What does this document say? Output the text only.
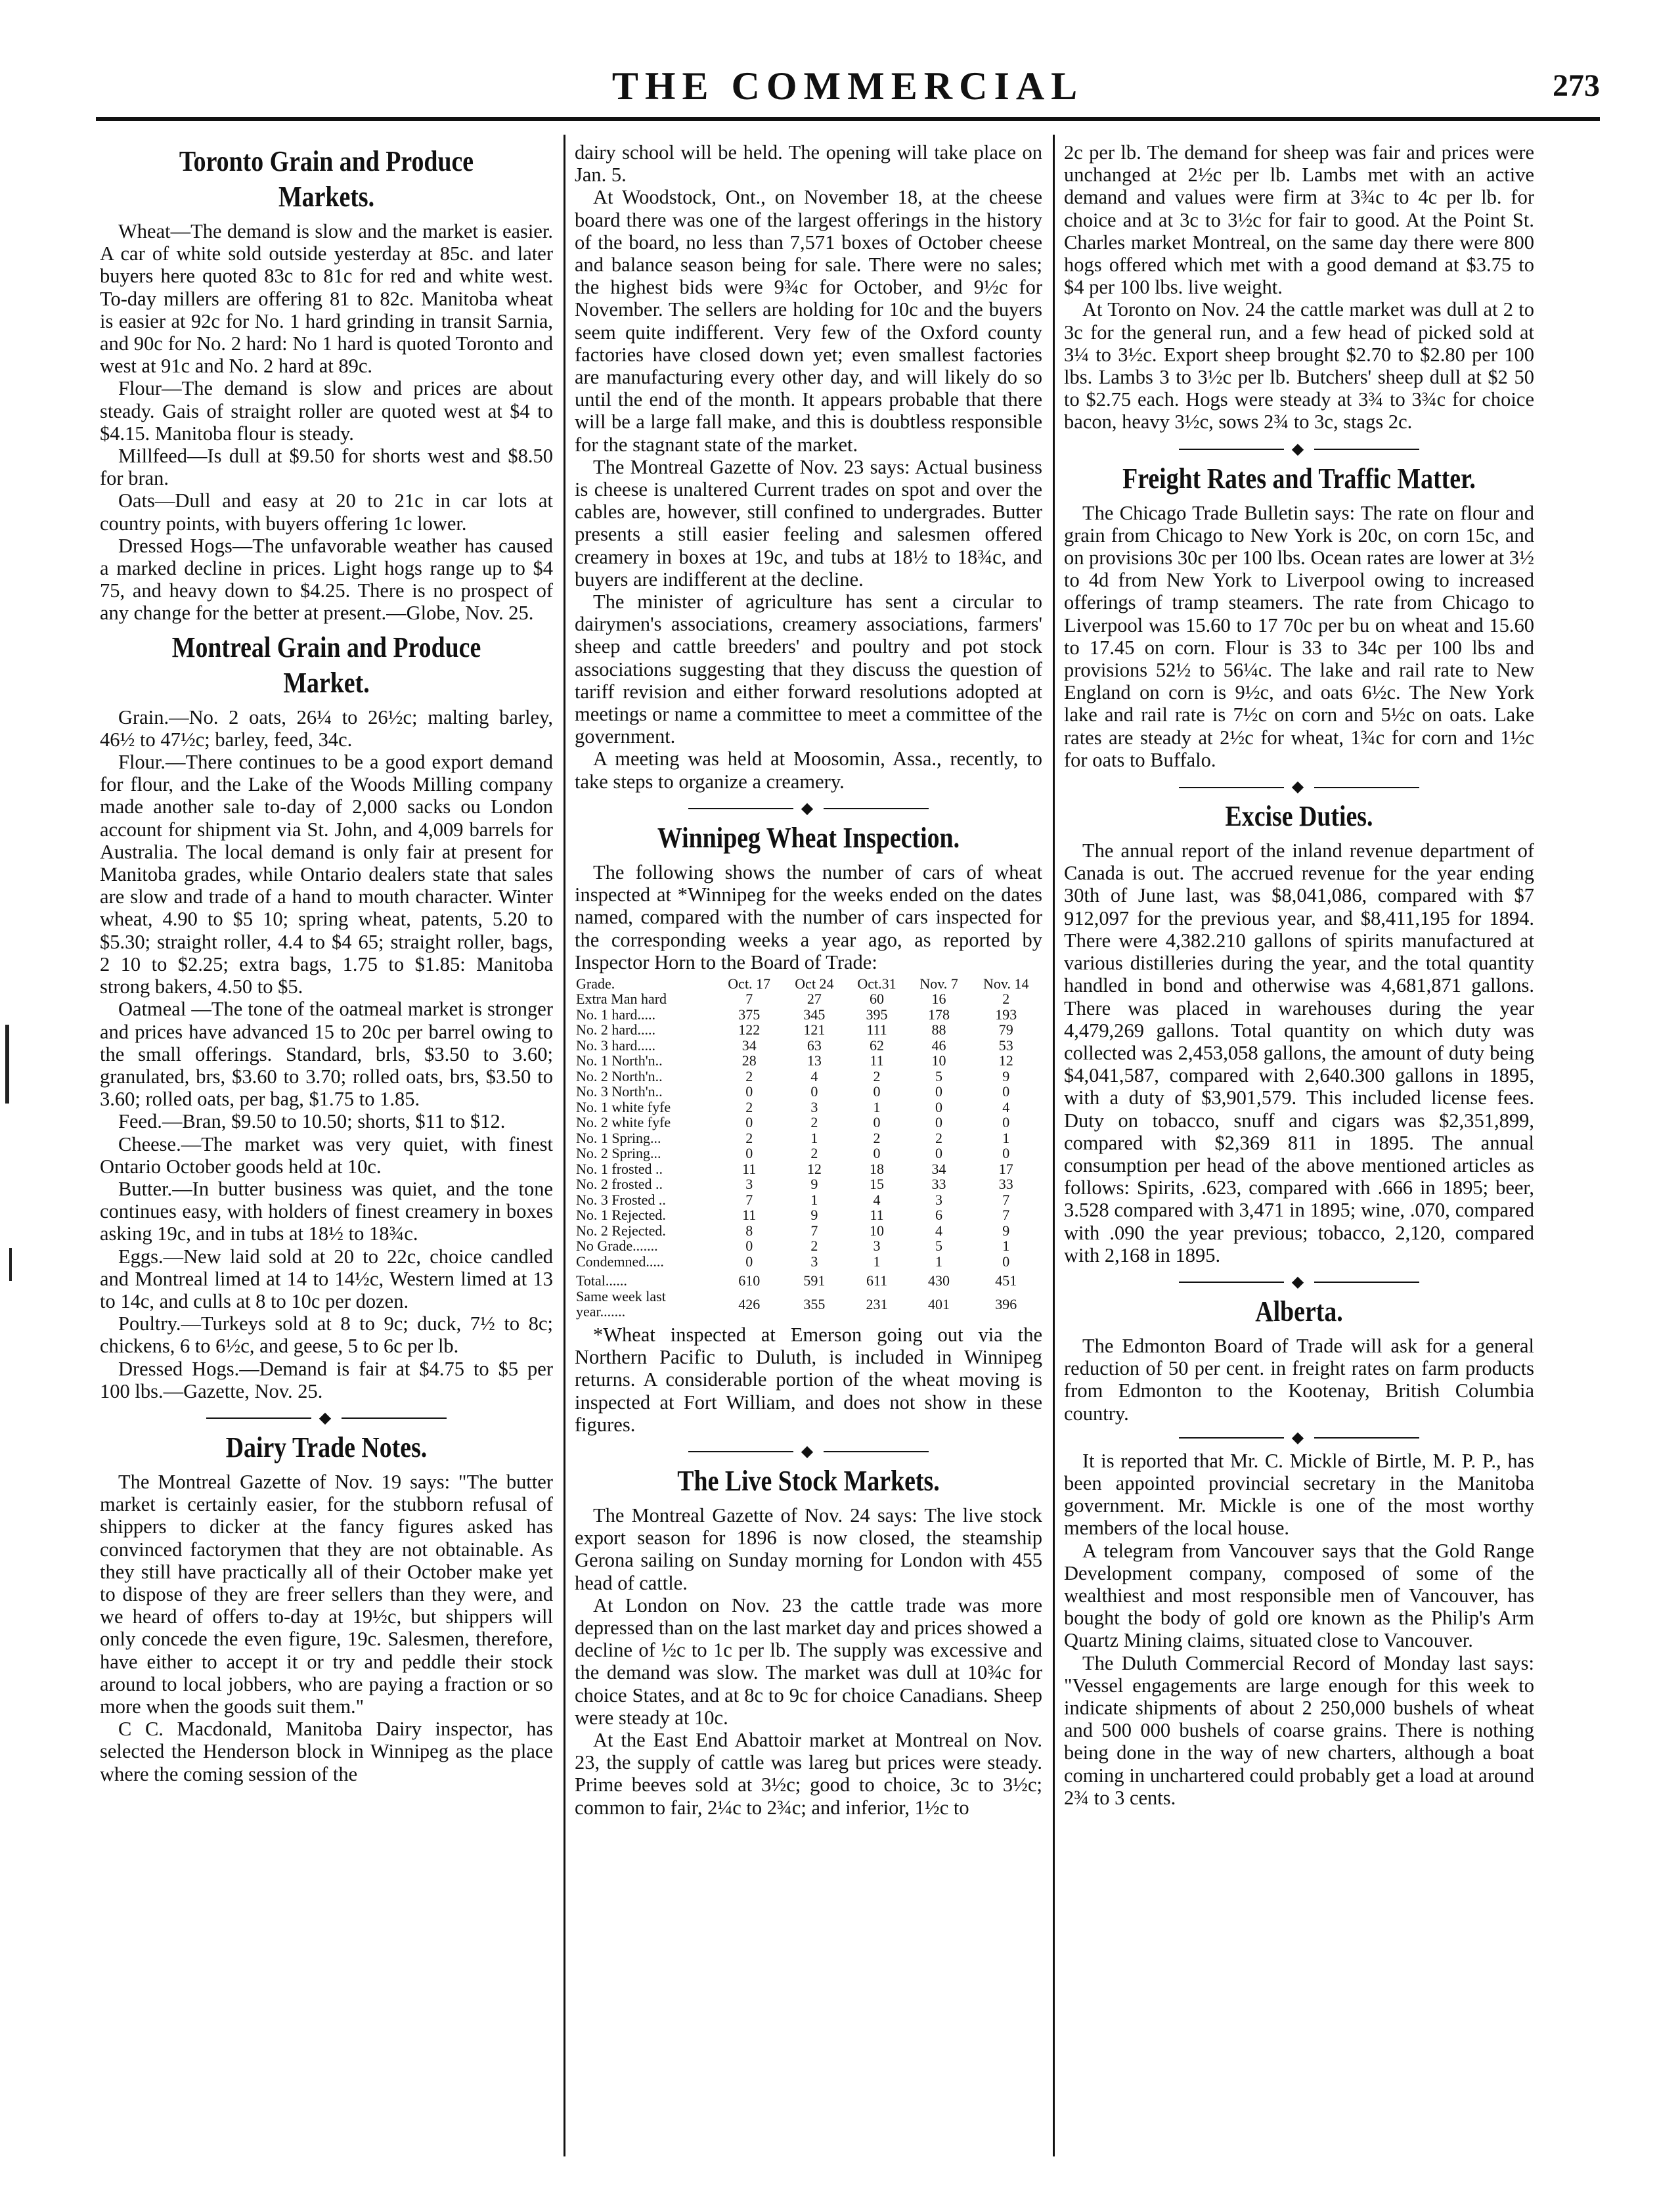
THE COMMERCIAL	273
Toronto Grain and Produce Markets.

Wheat—The demand is slow and the market is easier. A car of white sold outside yesterday at 85c. and later buyers here quoted 83c to 81c for red and white west. To-day millers are offering 81 to 82c. Manitoba wheat is easier at 92c for No. 1 hard grinding in transit Sarnia, and 90c for No. 2 hard: No 1 hard is quoted Toronto and west at 91c and No. 2 hard at 89c.

Flour—The demand is slow and prices are about steady. Gais of straight roller are quoted west at $4 to $4.15. Manitoba flour is steady.

Millfeed—Is dull at $9.50 for shorts west and $8.50 for bran.

Oats—Dull and easy at 20 to 21c in car lots at country points, with buyers offering 1c lower.

Dressed Hogs—The unfavorable weather has caused a marked decline in prices. Light hogs range up to $4 75, and heavy down to $4.25. There is no prospect of any change for the better at present.—Globe, Nov. 25.

Montreal Grain and Produce Market.

Grain.—No. 2 oats, 26¼ to 26½c; malting barley, 46½ to 47½c; barley, feed, 34c.

Flour.—There continues to be a good export demand for flour, and the Lake of the Woods Milling company made another sale to-day of 2,000 sacks ou London account for shipment via St. John, and 4,009 barrels for Australia. The local demand is only fair at present for Manitoba grades, while Ontario dealers state that sales are slow and trade of a hand to mouth character. Winter wheat, 4.90 to $5 10; spring wheat, patents, 5.20 to $5.30; straight roller, 4.4 to $4 65; straight roller, bags, 2 10 to $2.25; extra bags, 1.75 to $1.85: Manitoba strong bakers, 4.50 to $5.

Oatmeal —The tone of the oatmeal market is stronger and prices have advanced 15 to 20c per barrel owing to the small offerings. Standard, brls, $3.50 to 3.60; granulated, brs, $3.60 to 3.70; rolled oats, brs, $3.50 to 3.60; rolled oats, per bag, $1.75 to 1.85.

Feed.—Bran, $9.50 to 10.50; shorts, $11 to $12.

Cheese.—The market was very quiet, with finest Ontario October goods held at 10c.

Butter.—In butter business was quiet, and the tone continues easy, with holders of finest creamery in boxes asking 19c, and in tubs at 18½ to 18¾c.

Eggs.—New laid sold at 20 to 22c, choice candled and Montreal limed at 14 to 14½c, Western limed at 13 to 14c, and culls at 8 to 10c per dozen.

Poultry.—Turkeys sold at 8 to 9c; duck, 7½ to 8c; chickens, 6 to 6½c, and geese, 5 to 6c per lb.

Dressed Hogs.—Demand is fair at $4.75 to $5 per 100 lbs.—Gazette, Nov. 25.

◆
Dairy Trade Notes.

The Montreal Gazette of Nov. 19 says: "The butter market is certainly easier, for the stubborn refusal of shippers to dicker at the fancy figures asked has convinced factorymen that they are not obtainable. As they still have practically all of their October make yet to dispose of they are freer sellers than they were, and we heard of offers to-day at 19½c, but shippers will only concede the even figure, 19c. Salesmen, therefore, have either to accept it or try and peddle their stock around to local jobbers, who are paying a fraction or so more when the goods suit them."

C C. Macdonald, Manitoba Dairy inspector, has selected the Henderson block in Winnipeg as the place where the coming session of the

dairy school will be held. The opening will take place on Jan. 5.

At Woodstock, Ont., on November 18, at the cheese board there was one of the largest offerings in the history of the board, no less than 7,571 boxes of October cheese and balance season being for sale. There were no sales; the highest bids were 9¾c for October, and 9½c for November. The sellers are holding for 10c and the buyers seem quite indifferent. Very few of the Oxford county factories have closed down yet; even smallest factories are manufacturing every other day, and will likely do so until the end of the month. It appears probable that there will be a large fall make, and this is doubtless responsible for the stagnant state of the market.

The Montreal Gazette of Nov. 23 says: Actual business is cheese is unaltered Current trades on spot and over the cables are, however, still confined to undergrades. Butter presents a still easier feeling and salesmen offered creamery in boxes at 19c, and tubs at 18½ to 18¾c, and buyers are indifferent at the decline.

The minister of agriculture has sent a circular to dairymen's associations, creamery associations, farmers' sheep and cattle breeders' and poultry and pot stock associations suggesting that they discuss the question of tariff revision and either forward resolutions adopted at meetings or name a committee to meet a committee of the government.

A meeting was held at Moosomin, Assa., recently, to take steps to organize a creamery.

◆
Winnipeg Wheat Inspection.

The following shows the number of cars of wheat inspected at *Winnipeg for the weeks ended on the dates named, compared with the number of cars inspected for the corresponding weeks a year ago, as reported by Inspector Horn to the Board of Trade:

Grade.	Oct. 17	Oct 24	Oct.31	Nov. 7	Nov. 14
Extra Man hard	7	27	60	16	2
No. 1 hard.....	375	345	395	178	193
No. 2 hard.....	122	121	111	88	79
No. 3 hard.....	34	63	62	46	53
No. 1 North'n..	28	13	11	10	12
No. 2 North'n..	2	4	2	5	9
No. 3 North'n..	0	0	0	0	0
No. 1 white fyfe	2	3	1	0	4
No. 2 white fyfe	0	2	0	0	0
No. 1 Spring...	2	1	2	2	1
No. 2 Spring...	0	2	0	0	0
No. 1 frosted ..	11	12	18	34	17
No. 2 frosted ..	3	9	15	33	33
No. 3 Frosted ..	7	1	4	3	7
No. 1 Rejected.	11	9	11	6	7
No. 2 Rejected.	8	7	10	4	9
No Grade.......	0	2	3	5	1
Condemned.....	0	3	1	1	0
Total......	610	591	611	430	451
Same week last year.......	426	355	231	401	396

*Wheat inspected at Emerson going out via the Northern Pacific to Duluth, is included in Winnipeg returns. A considerable portion of the wheat moving is inspected at Fort William, and does not show in these figures.

◆
The Live Stock Markets.

The Montreal Gazette of Nov. 24 says: The live stock export season for 1896 is now closed, the steamship Gerona sailing on Sunday morning for London with 455 head of cattle.

At London on Nov. 23 the cattle trade was more depressed than on the last market day and prices showed a decline of ½c to 1c per lb. The supply was excessive and the demand was slow. The market was dull at 10¾c for choice States, and at 8c to 9c for choice Canadians. Sheep were steady at 10c.

At the East End Abattoir market at Montreal on Nov. 23, the supply of cattle was lareg but prices were steady. Prime beeves sold at 3½c; good to choice, 3c to 3½c; common to fair, 2¼c to 2¾c; and inferior, 1½c to

2c per lb. The demand for sheep was fair and prices were unchanged at 2½c per lb. Lambs met with an active demand and values were firm at 3¾c to 4c per lb. for choice and at 3c to 3½c for fair to good. At the Point St. Charles market Montreal, on the same day there were 800 hogs offered which met with a good demand at $3.75 to $4 per 100 lbs. live weight.

At Toronto on Nov. 24 the cattle market was dull at 2 to 3c for the general run, and a few head of picked sold at 3¼ to 3½c. Export sheep brought $2.70 to $2.80 per 100 lbs. Lambs 3 to 3½c per lb. Butchers' sheep dull at $2 50 to $2.75 each. Hogs were steady at 3¾ to 3¾c for choice bacon, heavy 3½c, sows 2¾ to 3c, stags 2c.

◆
Freight Rates and Traffic Matter.

The Chicago Trade Bulletin says: The rate on flour and grain from Chicago to New York is 20c, on corn 15c, and on provisions 30c per 100 lbs. Ocean rates are lower at 3½ to 4d from New York to Liverpool owing to increased offerings of tramp steamers. The rate from Chicago to Liverpool was 15.60 to 17 70c per bu on wheat and 15.60 to 17.45 on corn. Flour is 33 to 34c per 100 lbs and provisions 52½ to 56¼c. The lake and rail rate to New England on corn is 9½c, and oats 6½c. The New York lake and rail rate is 7½c on corn and 5½c on oats. Lake rates are steady at 2½c for wheat, 1¾c for corn and 1½c for oats to Buffalo.

◆
Excise Duties.

The annual report of the inland revenue department of Canada is out. The accrued revenue for the year ending 30th of June last, was $8,041,086, compared with $7 912,097 for the previous year, and $8,411,195 for 1894. There were 4,382.210 gallons of spirits manufactured at various distilleries during the year, and the total quantity handled in bond and otherwise was 4,681,871 gallons. There was placed in warehouses during the year 4,479,269 gallons. Total quantity on which duty was collected was 2,453,058 gallons, the amount of duty being $4,041,587, compared with 2,640.300 gallons in 1895, with a duty of $3,901,579. This included license fees. Duty on tobacco, snuff and cigars was $2,351,899, compared with $2,369 811 in 1895. The annual consumption per head of the above mentioned articles as follows: Spirits, .623, compared with .666 in 1895; beer, 3.528 compared with 3,471 in 1895; wine, .070, compared with .090 the year previous; tobacco, 2,120, compared with 2,168 in 1895.

◆
Alberta.

The Edmonton Board of Trade will ask for a general reduction of 50 per cent. in freight rates on farm products from Edmonton to the Kootenay, British Columbia country.

◆

It is reported that Mr. C. Mickle of Birtle, M. P. P., has been appointed provincial secretary in the Manitoba government. Mr. Mickle is one of the most worthy members of the local house.

A telegram from Vancouver says that the Gold Range Development company, composed of some of the wealthiest and most responsible men of Vancouver, has bought the body of gold ore known as the Philip's Arm Quartz Mining claims, situated close to Vancouver.

The Duluth Commercial Record of Monday last says: "Vessel engagements are large enough for this week to indicate shipments of about 2 250,000 bushels of wheat and 500 000 bushels of coarse grains. There is nothing being done in the way of new charters, although a boat coming in unchartered could probably get a load at around 2¾ to 3 cents.
